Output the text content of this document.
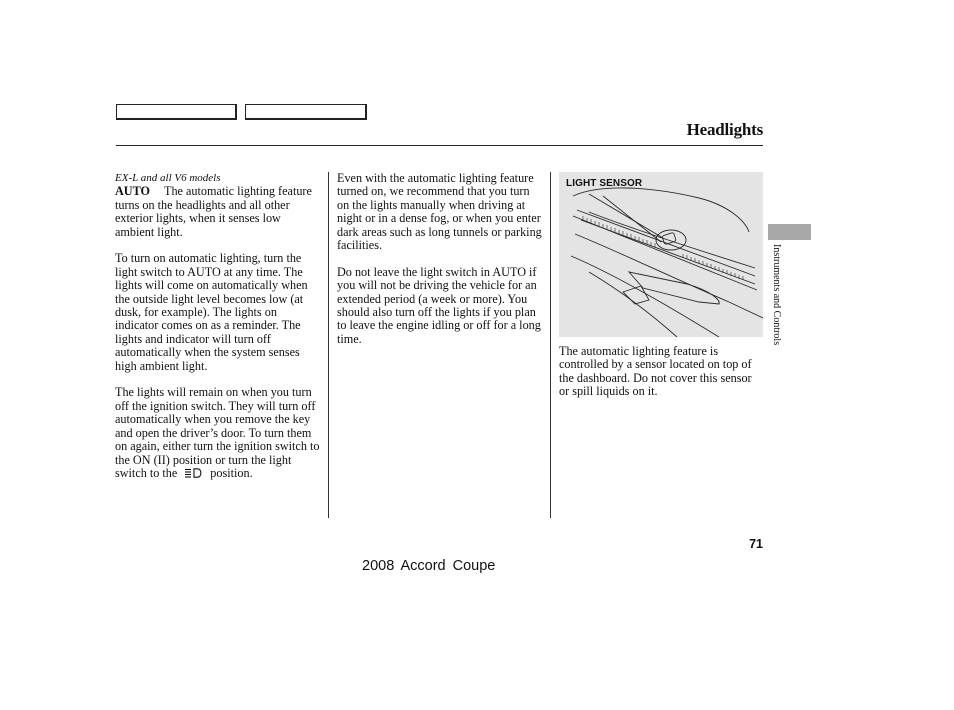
Headlights
EX-L and all V6 models

AUTO The automatic lighting feature turns on the headlights and all other exterior lights, when it senses low ambient light.

To turn on automatic lighting, turn the light switch to AUTO at any time. The lights will come on automatically when the outside light level becomes low (at dusk, for example). The lights on indicator comes on as a reminder. The lights and indicator will turn off automatically when the system senses high ambient light.

The lights will remain on when you turn off the ignition switch. They will turn off automatically when you remove the key and open the driver’s door. To turn them on again, either turn the ignition switch to the ON (II) position or turn the light switch to the	position.

Even with the automatic lighting feature turned on, we recommend that you turn on the lights manually when driving at night or in a dense fog, or when you enter dark areas such as long tunnels or parking facilities.

Do not leave the light switch in AUTO if you will not be driving the vehicle for an extended period (a week or more). You should also turn off the lights if you plan to leave the engine idling or off for a long time.

LIGHT SENSOR

The automatic lighting feature is controlled by a sensor located on top of the dashboard. Do not cover this sensor or spill liquids on it.

Instruments and Controls
71
2008 Accord Coupe
